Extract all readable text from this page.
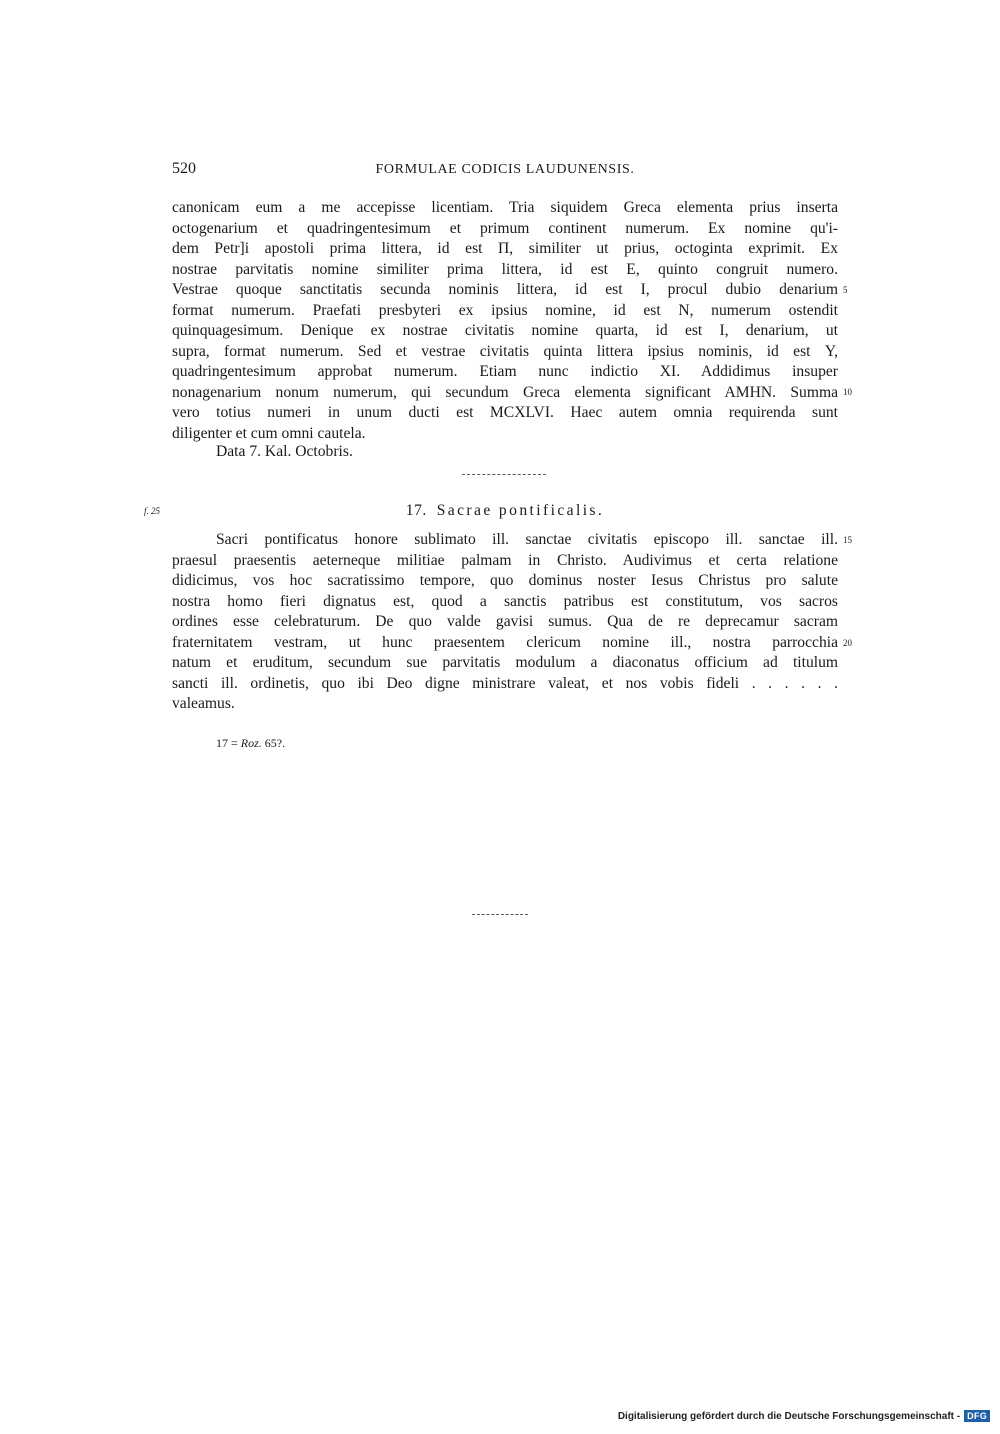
520	FORMULAE CODICIS LAUDUNENSIS.
canonicam eum a me accepisse licentiam. Tria siquidem Greca elementa prius inserta
octogenarium et quadringentesimum et primum continent numerum. Ex nomine qu'i-
dem Petr]i apostoli prima littera, id est Π, similiter ut prius, octoginta exprimit. Ex
nostrae parvitatis nomine similiter prima littera, id est E, quinto congruit numero.
Vestrae quoque sanctitatis secunda nominis littera, id est I, procul dubio denarium
format numerum. Praefati presbyteri ex ipsius nomine, id est N, numerum ostendit
quinquagesimum. Denique ex nostrae civitatis nomine quarta, id est I, denarium, ut
supra, format numerum. Sed et vestrae civitatis quinta littera ipsius nominis, id est Υ,
quadringentesimum approbat numerum. Etiam nunc indictio XI. Addidimus insuper
nonagenarium nonum numerum, qui secundum Greca elementa significant AMHN. Summa
vero totius numeri in unum ducti est MCXLVI. Haec autem omnia requirenda sunt
diligenter et cum omni cautela.
Data 7. Kal. Octobris.
5
10
f. 25	17. Sacrae pontificalis.
Sacri pontificatus honore sublimato ill. sanctae civitatis episcopo ill. sanctae ill.
praesul praesentis aeterneque militiae palmam in Christo. Audivimus et certa relatione
didicimus, vos hoc sacratissimo tempore, quo dominus noster Iesus Christus pro salute
nostra homo fieri dignatus est, quod a sanctis patribus est constitutum, vos sacros
ordines esse celebraturum. De quo valde gavisi sumus. Qua de re deprecamur sacram
fraternitatem vestram, ut hunc praesentem clericum nomine ill., nostra parrocchia
natum et eruditum, secundum sue parvitatis modulum a diaconatus officium ad titulum
sancti ill. ordinetis, quo ibi Deo digne ministrare valeat, et nos vobis fideli . . . . . .
valeamus.
15
20
17 = Roz. 65?.
Digitalisierung gefördert durch die Deutsche Forschungsgemeinschaft - DFG
